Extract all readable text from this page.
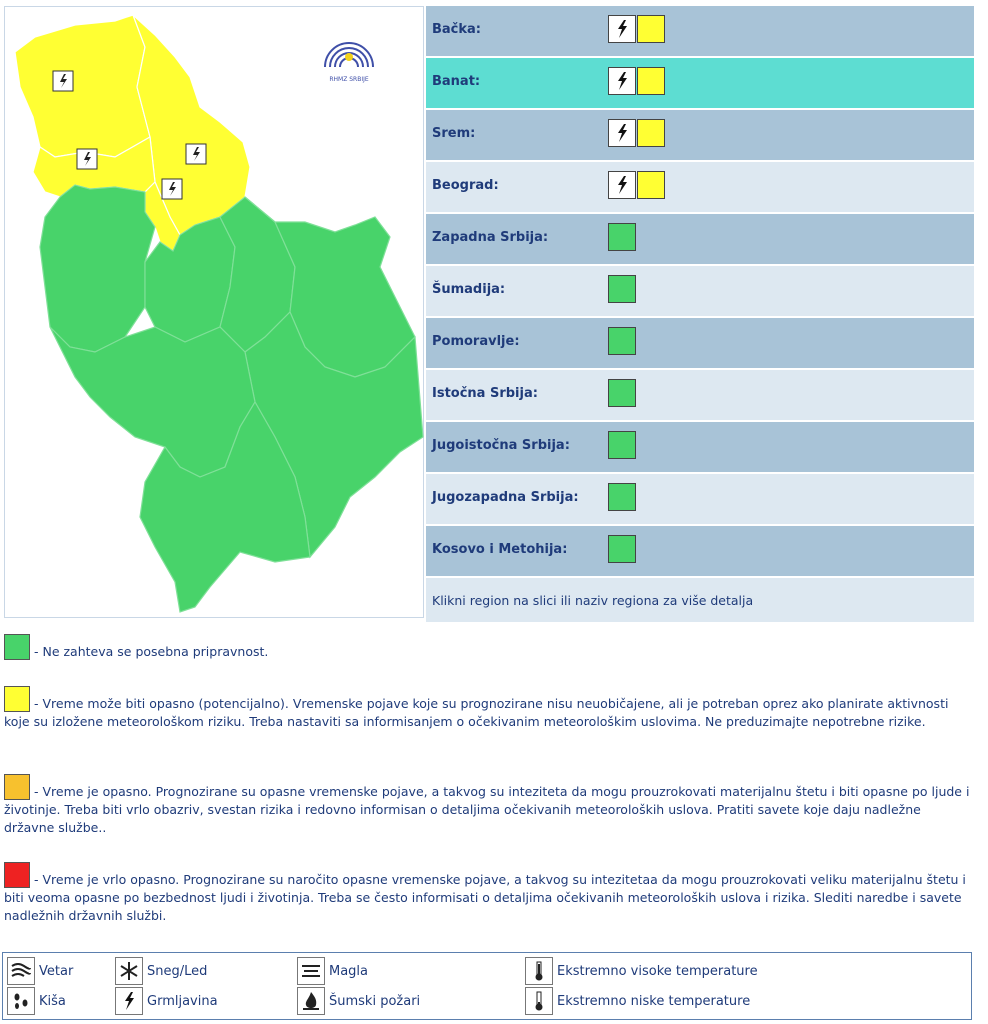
RHMZ SRBIJE
Bačka:
Banat:
Srem:
Beograd:
Zapadna Srbija:
Šumadija:
Pomoravlje:
Istočna Srbija:
Jugoistočna Srbija:
Jugozapadna Srbija:
Kosovo i Metohija:
Klikni region na slici ili naziv regiona za više detalja
- Ne zahteva se posebna pripravnost.
- Vreme može biti opasno (potencijalno). Vremenske pojave koje su prognozirane nisu neuobičajene, ali je potreban oprez ako planirate aktivnosti koje su izložene meteorološkom riziku. Treba nastaviti sa informisanjem o očekivanim meteorološkim uslovima. Ne preduzimajte nepotrebne rizike.
- Vreme je opasno. Prognozirane su opasne vremenske pojave, a takvog su inteziteta da mogu prouzrokovati materijalnu štetu i biti opasne po ljude i životinje. Treba biti vrlo obazriv, svestan rizika i redovno informisan o detaljima očekivanih meteoroloških uslova. Pratiti savete koje daju nadležne državne službe..
- Vreme je vrlo opasno. Prognozirane su naročito opasne vremenske pojave, a takvog su intezitetaa da mogu prouzrokovati veliku materijalnu štetu i biti veoma opasne po bezbednost ljudi i životinja. Treba se često informisati o detaljima očekivanih meteoroloških uslova i rizika. Slediti naredbe i savete nadležnih državnih službi.
Vetar	Sneg/Led	Magla	Ekstremno visoke temperature
Kiša	Grmljavina	Šumski požari	Ekstremno niske temperature
